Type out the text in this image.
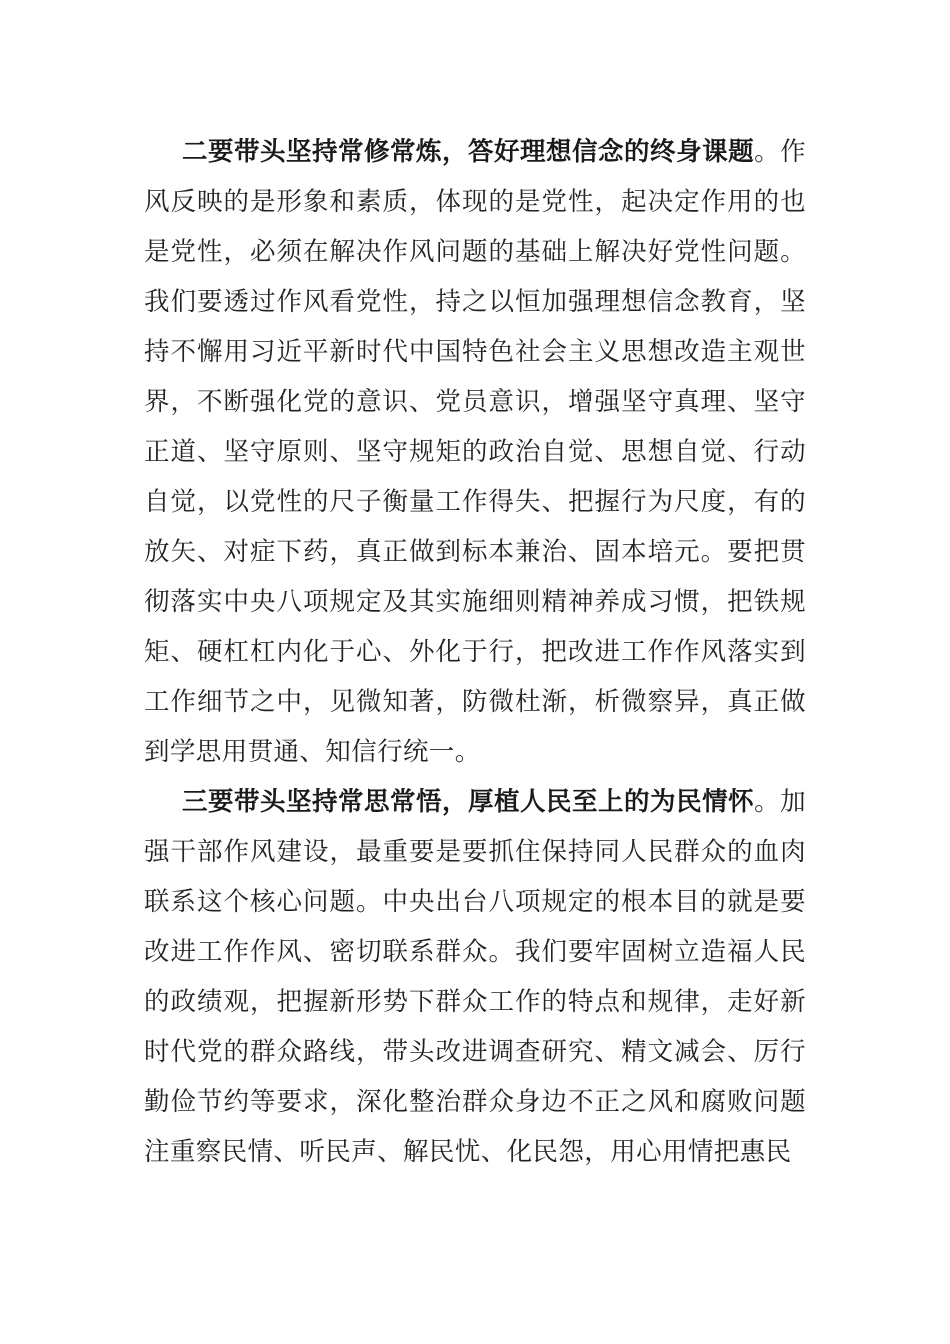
二要带头坚持常修常炼，答好理想信念的终身课题。作风反映的是形象和素质，体现的是党性，起决定作用的也是党性，必须在解决作风问题的基础上解决好党性问题。我们要透过作风看党性，持之以恒加强理想信念教育，坚持不懈用习近平新时代中国特色社会主义思想改造主观世界，不断强化党的意识、党员意识，增强坚守真理、坚守正道、坚守原则、坚守规矩的政治自觉、思想自觉、行动自觉，以党性的尺子衡量工作得失、把握行为尺度，有的放矢、对症下药，真正做到标本兼治、固本培元。要把贯彻落实中央八项规定及其实施细则精神养成习惯，把铁规矩、硬杠杠内化于心、外化于行，把改进工作作风落实到工作细节之中，见微知著，防微杜渐，析微察异，真正做到学思用贯通、知信行统一。

三要带头坚持常思常悟，厚植人民至上的为民情怀。加强干部作风建设，最重要是要抓住保持同人民群众的血肉联系这个核心问题。中央出台八项规定的根本目的就是要改进工作作风、密切联系群众。我们要牢固树立造福人民的政绩观，把握新形势下群众工作的特点和规律，走好新时代党的群众路线，带头改进调查研究、精文减会、厉行勤俭节约等要求，深化整治群众身边不正之风和腐败问题注重察民情、听民声、解民忧、化民怨，用心用情把惠民
